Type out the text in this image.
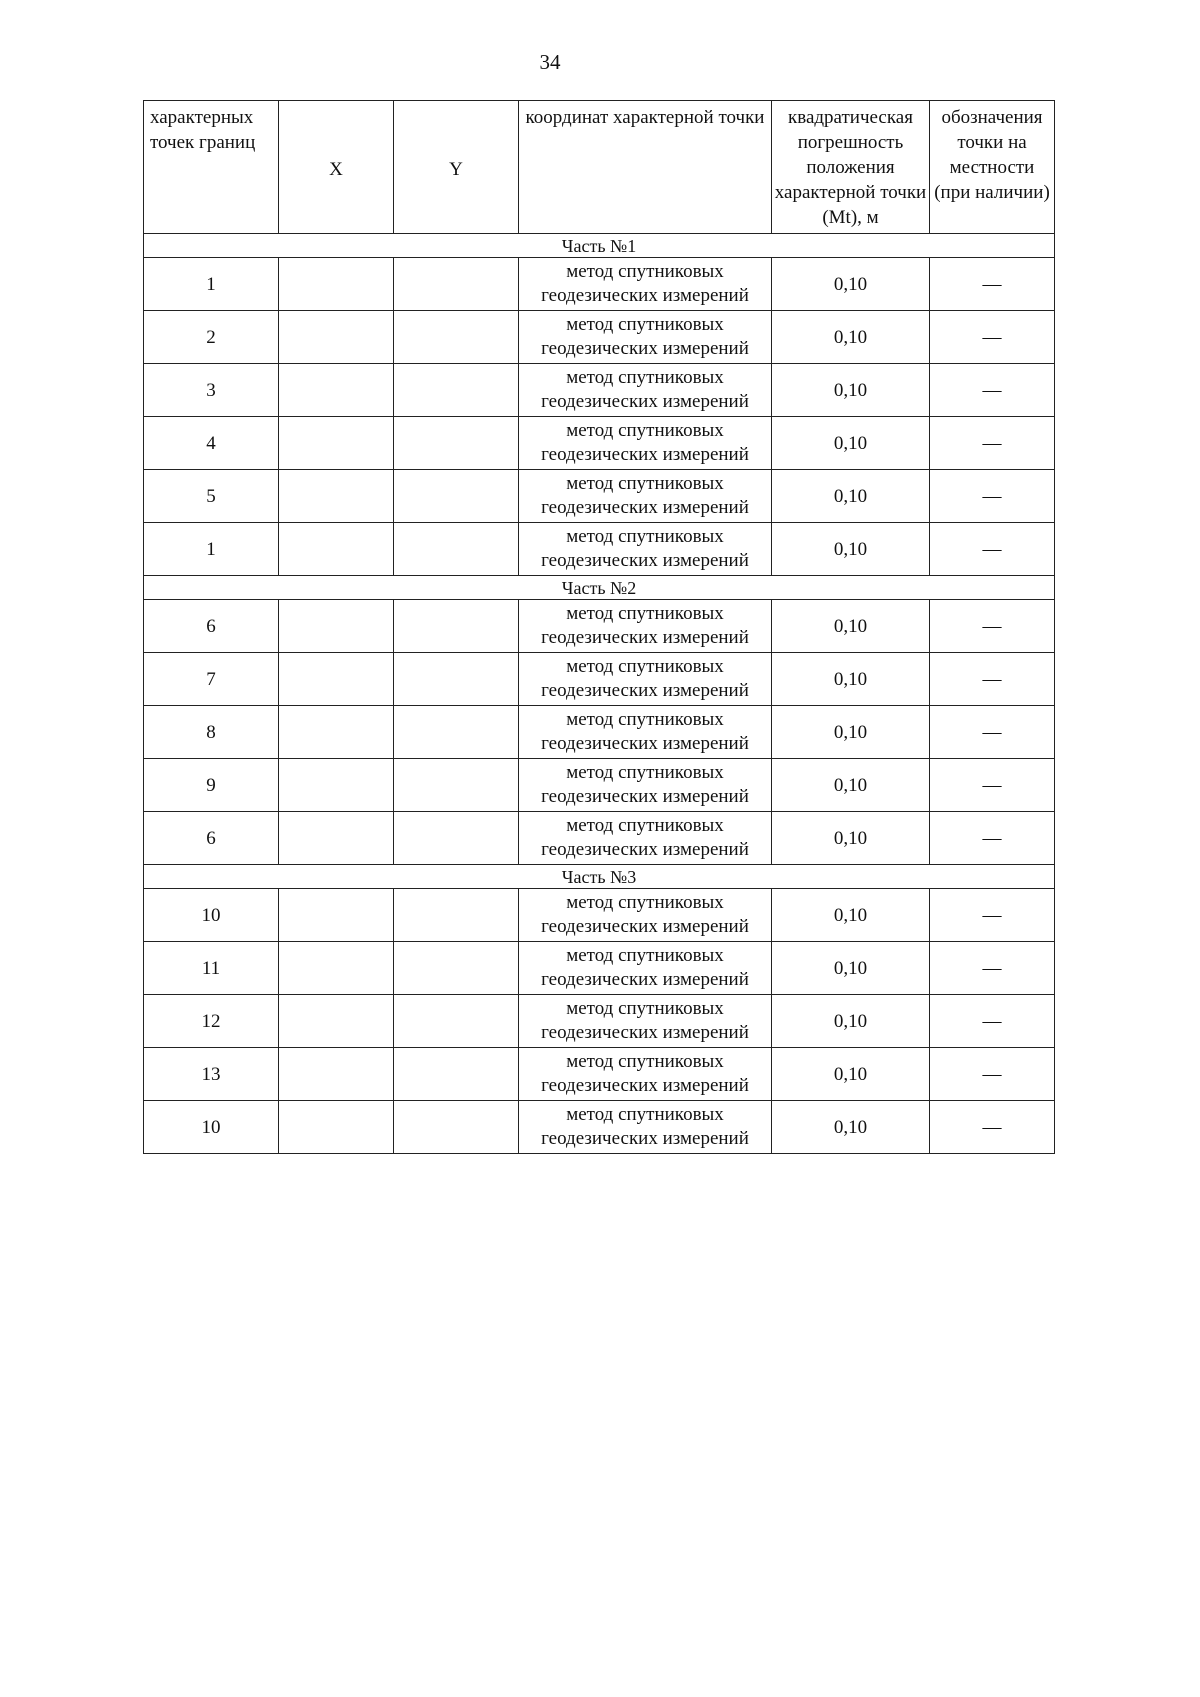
34
характерных точек границ	X	Y	координат характерной точки	квадратическая погрешность положения характерной точки (Mt), м	обозначения точки на местности (при наличии)
Часть №1					
1			метод спутниковых
геодезических измерений	0,10	—
2			метод спутниковых
геодезических измерений	0,10	—
3			метод спутниковых
геодезических измерений	0,10	—
4			метод спутниковых
геодезических измерений	0,10	—
5			метод спутниковых
геодезических измерений	0,10	—
1			метод спутниковых
геодезических измерений	0,10	—
Часть №2					
6			метод спутниковых
геодезических измерений	0,10	—
7			метод спутниковых
геодезических измерений	0,10	—
8			метод спутниковых
геодезических измерений	0,10	—
9			метод спутниковых
геодезических измерений	0,10	—
6			метод спутниковых
геодезических измерений	0,10	—
Часть №3					
10			метод спутниковых
геодезических измерений	0,10	—
11			метод спутниковых
геодезических измерений	0,10	—
12			метод спутниковых
геодезических измерений	0,10	—
13			метод спутниковых
геодезических измерений	0,10	—
10			метод спутниковых
геодезических измерений	0,10	—
